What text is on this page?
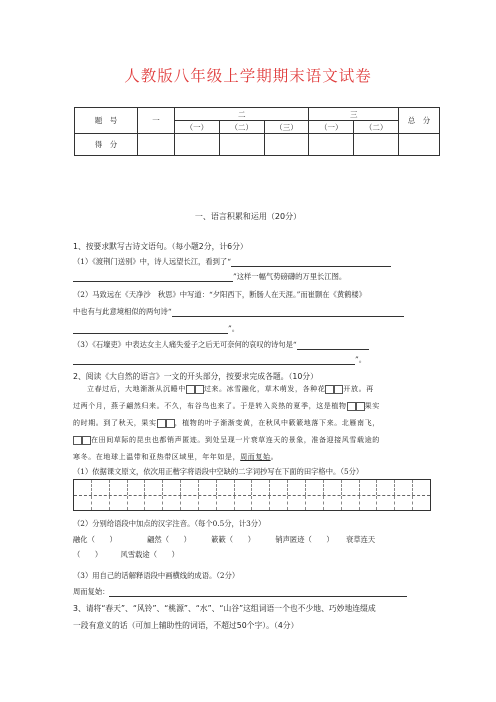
人教版八年级上学期期末语文试卷
题　号	一	二			三		总　分
		（一）	（二）	（三）	（一）	（二）	
得　分							
一、语言积累和运用（20分）
1、按要求默写古诗文语句。（每小题2分，计6分）
（1）《渡荆门送别》中，诗人远望长江，看到了“
”这样一幅气势磅礴的万里长江图。
（2）马致远在《天净沙　秋思》中写道：“夕阳西下，断肠人在天涯。”而崔颢在《黄鹤楼》
中也有与此意境相似的两句诗“
”。
（3）《石壕吏》中表达女主人痛失爱子之后无可奈何的哀叹的诗句是“
”。
2、阅读《大自然的语言》一文的开头部分，按要求完成各题。（10分）
立春过后，大地渐渐从沉睡中	过来。冰雪融化，草木萌发，各种花	开放。再
过两个月，燕子翩然归来。不久，布谷鸟也来了。于是转入炎热的夏季，这是植物	果实
的时期。到了秋天，果实	，植物的叶子渐渐变黄，在秋风中簌簌地落下来。北雁南飞，
在田间草际的昆虫也都销声匿迹。到处呈现一片衰草连天的景象，准备迎接风雪载途的
寒冬。在地球上温带和亚热带区域里，年年如是，周而复始。
（1）依据课文原文，依次用正楷字将语段中空缺的二字词抄写在下面的田字格中。（5分）
（2）分别给语段中加点的汉字注音。（每个0.5分，计3分）
融化（　　）	翩然（　　）	簌簌（　　）	销声匿迹（　　） 衰草连天
（　　）	风雪载途（　　）
（3）用自己的话解释语段中画横线的成语。（2分）
周而复始：
3、请将“春天”、“风铃”、“桃源”、“水”、“山谷”这组词语一个也不少地、巧妙地连缀成
一段有意义的话（可加上辅助性的词语，不超过50个字）。（4分）
